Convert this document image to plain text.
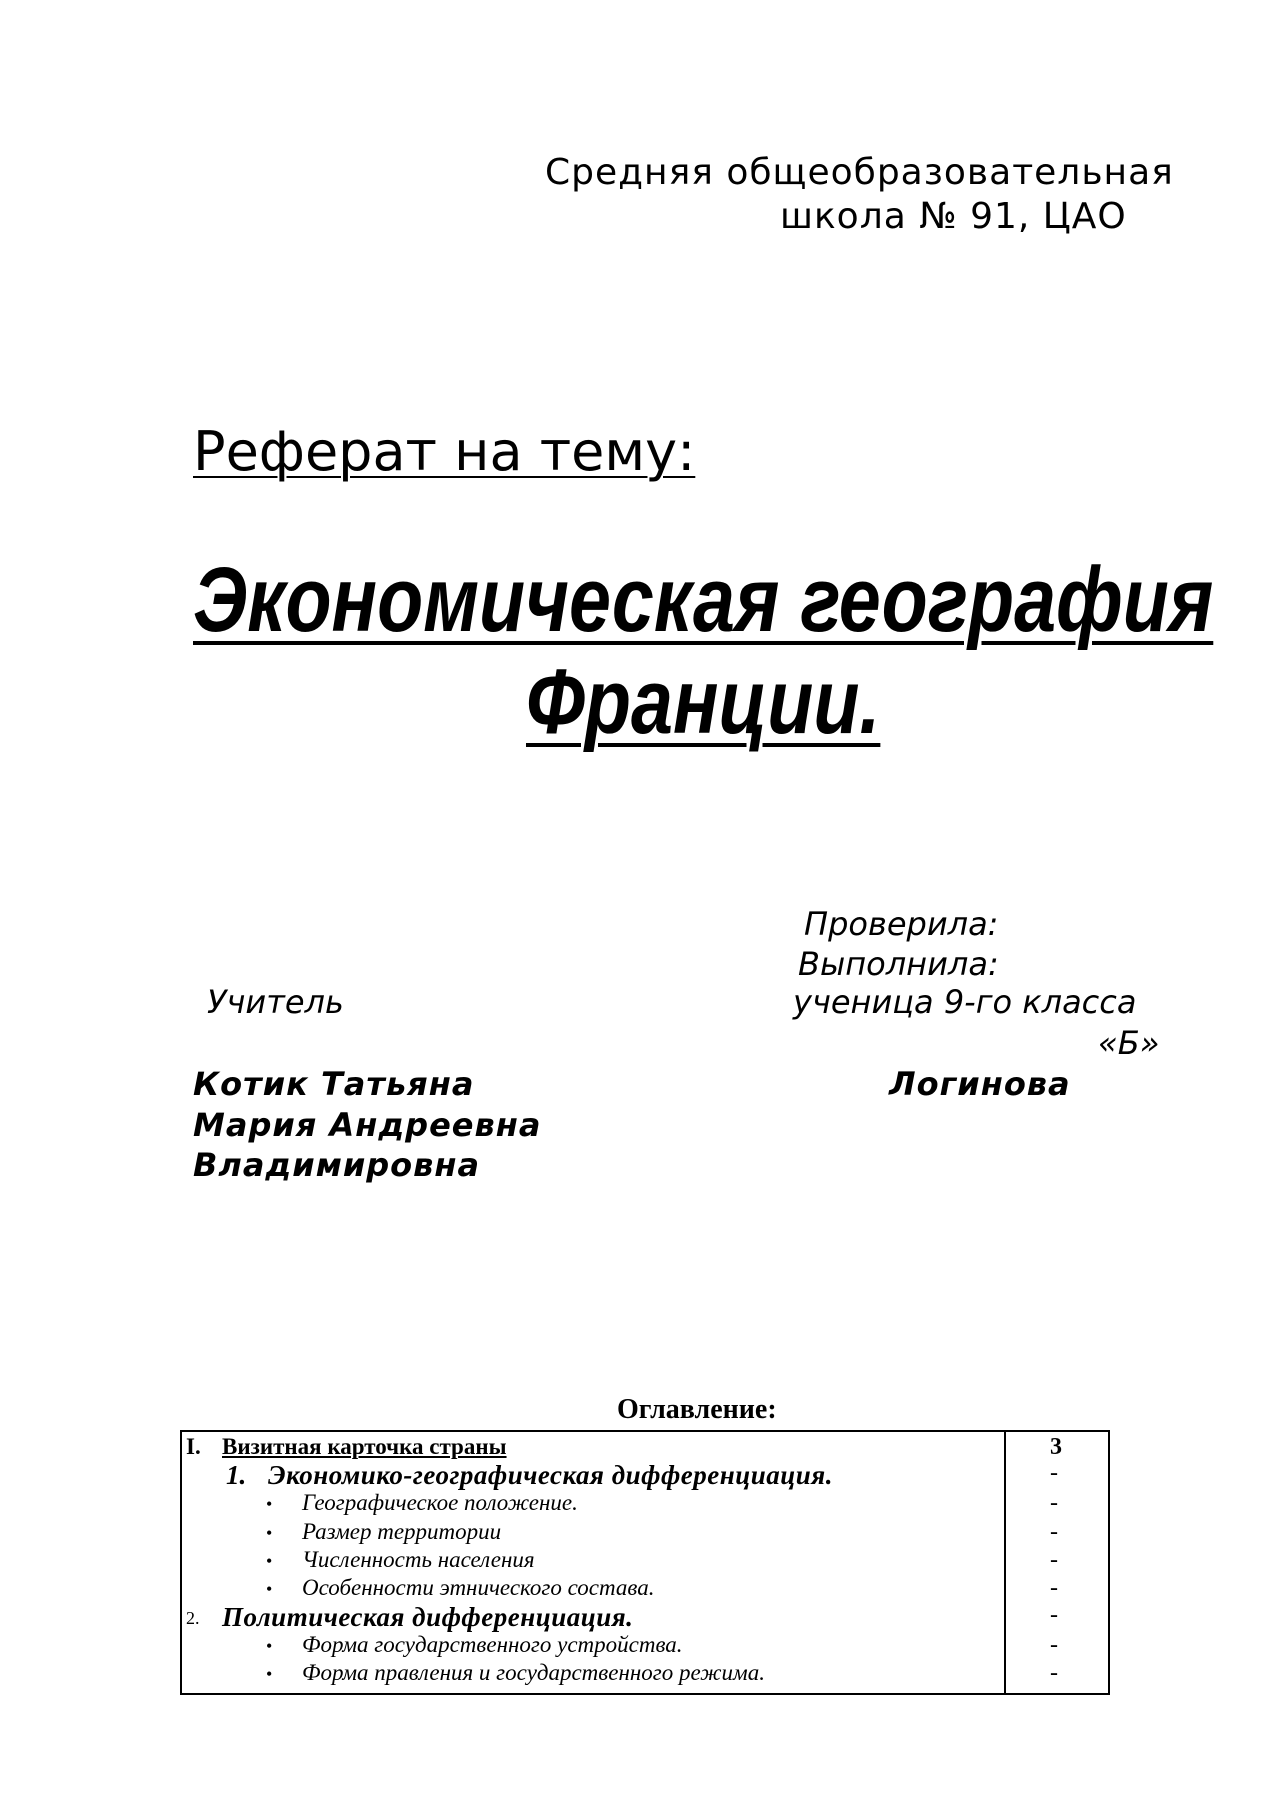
Средняя общеобразовательная
школа № 91, ЦАО
Реферат на тему:
Экономическая география
Франции.
Проверила:
Выполнила:
Учитель	ученица 9-го класса
«Б»
Котик Татьяна	Логинова
Мария Андреевна
Владимировна
Оглавление:
I. Визитная карточка страны	3
1. Экономико-географическая дифференциация.	-
• Географическое положение.	-
• Размер территории	-
• Численность населения	-
• Особенности этнического состава.	-
2. Политическая дифференциация.	-
• Форма государственного устройства.	-
• Форма правления и государственного режима.	-
